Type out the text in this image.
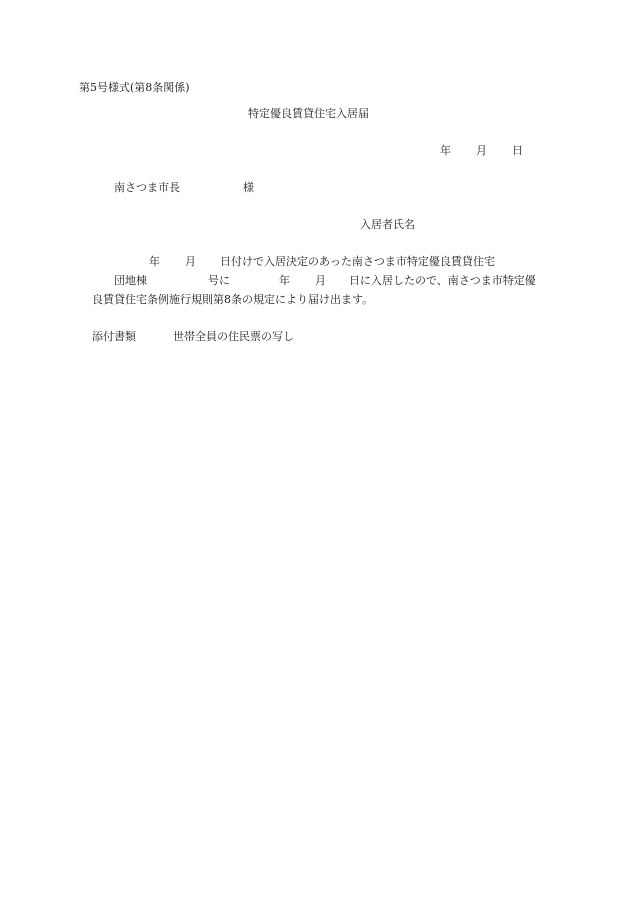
第5号様式(第8条関係)
特定優良賃貸住宅入居届
年 月 日
南さつま市長	様
入居者氏名
年 月 日付けで入居決定のあった南さつま市特定優良賃貸住宅
団地棟	号に	年 月 日に入居したので、南さつま市特定優
良賃貸住宅条例施行規則第8条の規定により届け出ます。
添付書類	世帯全員の住民票の写し
